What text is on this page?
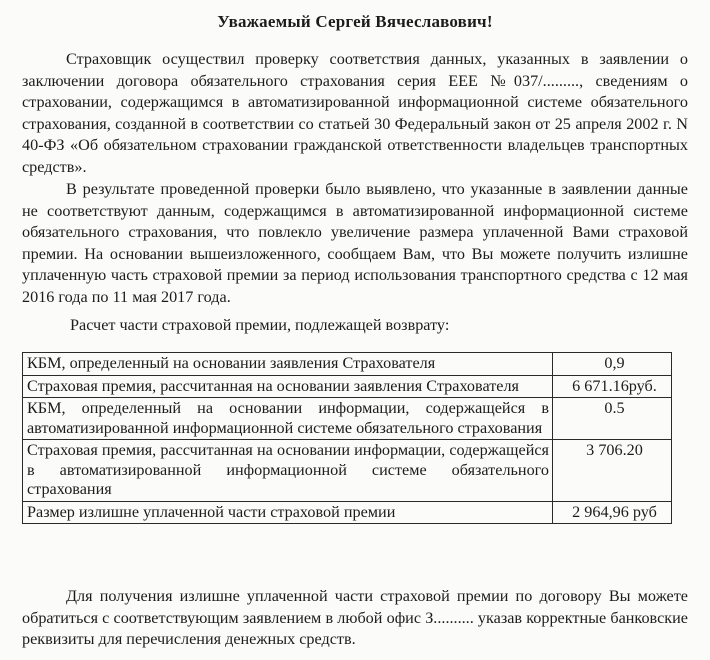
Уважаемый Сергей Вячеславович!

Страховщик осуществил проверку соответствия данных, указанных в заявлении о заключении договора обязательного страхования серия ЕЕЕ №037/........., сведениям о страховании, содержащимся в автоматизированной информационной системе обязательного страхования, созданной в соответствии со статьей 30 Федеральный закон от 25 апреля 2002 г. N 40-ФЗ «Об обязательном страховании гражданской ответственности владельцев транспортных средств».

В результате проведенной проверки было выявлено, что указанные в заявлении данные не соответствуют данным, содержащимся в автоматизированной информационной системе обязательного страхования, что повлекло увеличение размера уплаченной Вами страховой премии. На основании вышеизложенного, сообщаем Вам, что Вы можете получить излишне уплаченную часть страховой премии за период использования транспортного средства с 12 мая 2016 года по 11 мая 2017 года.

Расчет части страховой премии, подлежащей возврату:
КБМ, определенный на основании заявления Страхователя	0,9
Страховая премия, рассчитанная на основании заявления Страхователя	6 671.16руб.
КБМ, определенный на основании информации, содержащейся в автоматизированной информационной системе обязательного страхования	0.5
Страховая премия, рассчитанная на основании информации, содержащейся в автоматизированной информационной системе обязательного страхования	3 706.20
Размер излишне уплаченной части страховой премии	2 964,96 руб

Для получения излишне уплаченной части страховой премии по договору Вы можете обратиться с соответствующим заявлением в любой офис З.......... указав корректные банковские реквизиты для перечисления денежных средств.
